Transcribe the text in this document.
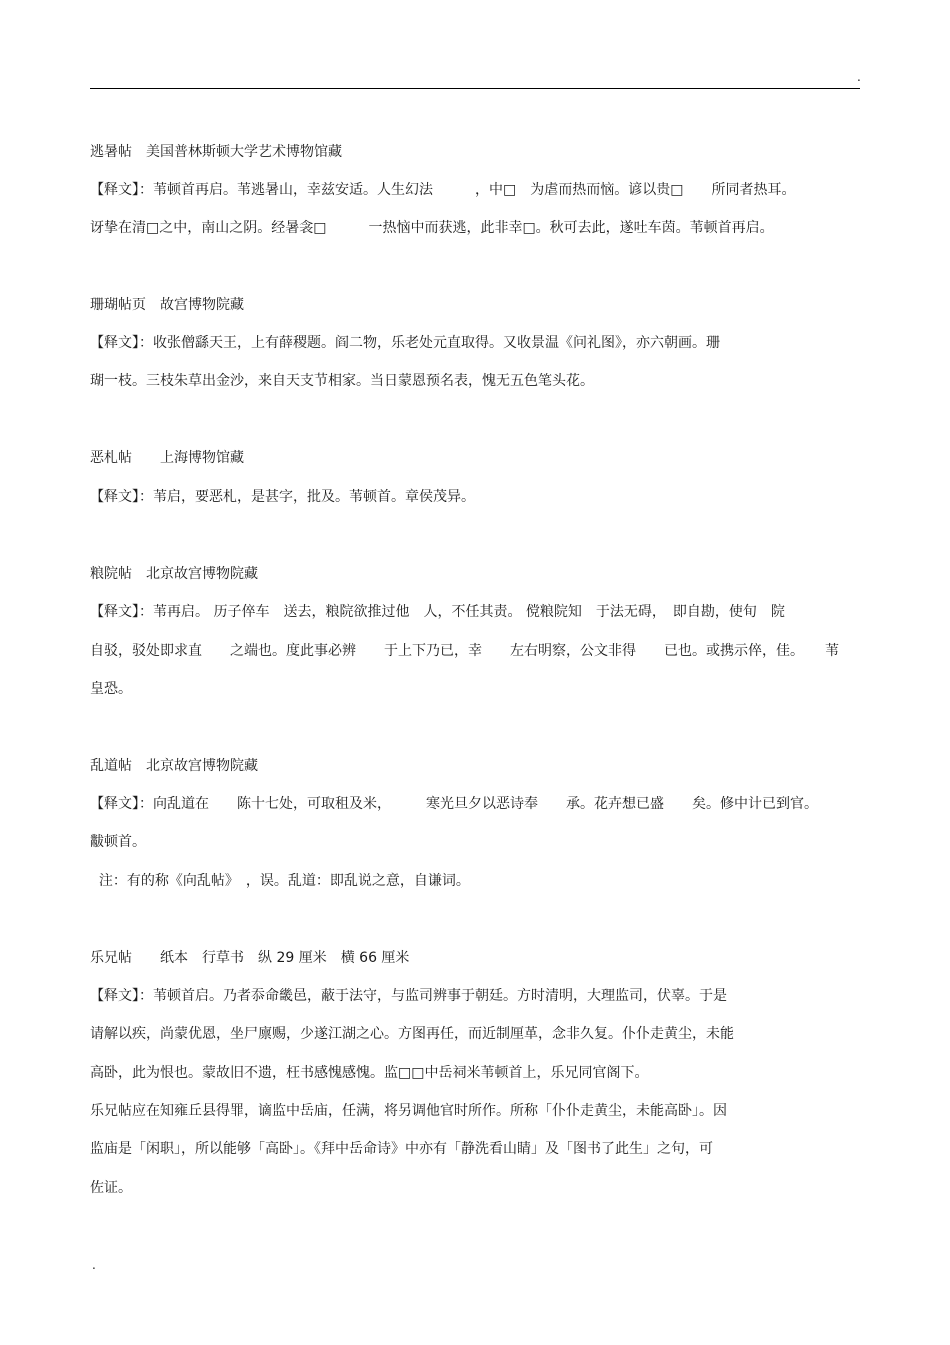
.
逃暑帖　美国普林斯顿大学艺术博物馆藏
【释文】：苇顿首再启。苇逃暑山，幸兹安适。人生幻法　　　，中□　为虐而热而恼。谚以贵□　　所同者热耳。
讶挚在清□之中，南山之阴。经暑衾□　　　一热恼中而获逃，此非幸□。秋可去此，遂吐车茵。苇顿首再启。
珊瑚帖页　故宫博物院藏
【释文】：收张僧繇天王，上有薛稷题。阎二物，乐老处元直取得。又收景温《问礼图》，亦六朝画。珊
瑚一枝。三枝朱草出金沙，来自天支节相家。当日蒙恩预名表，愧无五色笔头花。
恶札帖　　上海博物馆藏
【释文】：苇启，要恶札，是甚字，批及。苇顿首。章侯茂异。
粮院帖　北京故宫博物院藏
【释文】：苇再启。 历子倅车　送去，粮院欲推过他　人，不任其责。 傥粮院知　于法无碍，　即自勘，使旬　院
自驳，驳处即求直　　之端也。度此事必辨　　于上下乃已，幸　　左右明察，公文非得　　已也。或携示倅，佳。　　苇
皇恐。
乱道帖　北京故宫博物院藏
【释文】：向乱道在　　陈十七处，可取租及米，　　　寒光旦夕以恶诗奉　　承。花卉想已盛　　矣。修中计已到官。
黻顿首。
注：有的称《向乱帖》　，误。乱道：即乱说之意，自谦词。
乐兄帖　　纸本　行草书　纵 29 厘米　横 66 厘米
【释文】：苇顿首启。乃者忝命畿邑，蔽于法守，与监司辨事于朝廷。方时清明，大理监司，伏辜。于是
请解以疾，尚蒙优恩，坐尸廪赐，少遂江湖之心。方图再任，而近制厘革，念非久复。仆仆走黄尘，未能
高卧，此为恨也。蒙故旧不遗，枉书感愧感愧。监□□中岳祠米苇顿首上，乐兄同官阁下。
乐兄帖应在知雍丘县得罪，谪监中岳庙，任满，将另调他官时所作。所称「仆仆走黄尘，未能高卧」。因
监庙是「闲职」，所以能够「高卧」。《拜中岳命诗》中亦有「静洗看山睛」及「图书了此生」之句，可
佐证。
.
